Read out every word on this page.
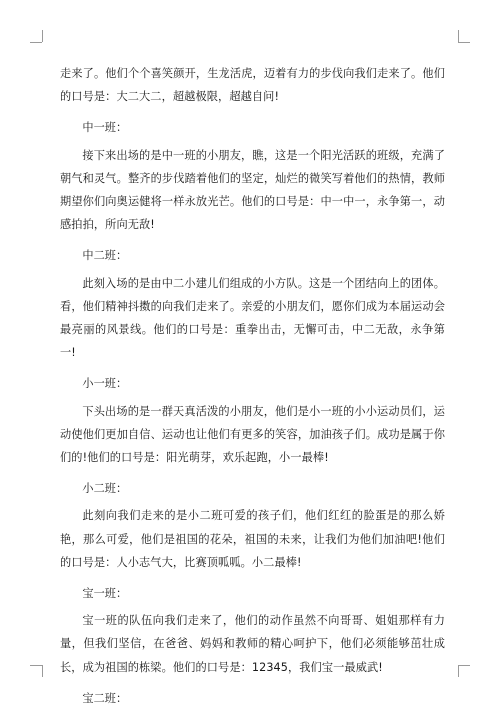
走来了。他们个个喜笑颜开，生龙活虎，迈着有力的步伐向我们走来了。他们的口号是：大二大二，超越极限，超越自问!

中一班：

接下来出场的是中一班的小朋友，瞧，这是一个阳光活跃的班级，充满了朝气和灵气。整齐的步伐踏着他们的坚定，灿烂的微笑写着他们的热情，教师期望你们向奥运健将一样永放光芒。他们的口号是：中一中一，永争第一，动感拍拍，所向无敌!

中二班：

此刻入场的是由中二小建儿们组成的小方队。这是一个团结向上的团体。看，他们精神抖擞的向我们走来了。亲爱的小朋友们，愿你们成为本届运动会最亮丽的风景线。他们的口号是：重拳出击，无懈可击，中二无敌，永争第一!

小一班：

下头出场的是一群天真活泼的小朋友，他们是小一班的小小运动员们，运动使他们更加自信、运动也让他们有更多的笑容，加油孩子们。成功是属于你们的!他们的口号是：阳光萌芽，欢乐起跑，小一最棒!

小二班：

此刻向我们走来的是小二班可爱的孩子们，他们红红的脸蛋是的那么娇艳，那么可爱，他们是祖国的花朵，祖国的未来，让我们为他们加油吧!他们的口号是：人小志气大，比赛顶呱呱。小二最棒!

宝一班：

宝一班的队伍向我们走来了，他们的动作虽然不向哥哥、姐姐那样有力量，但我们坚信，在爸爸、妈妈和教师的精心呵护下，他们必须能够茁壮成长，成为祖国的栋梁。他们的口号是：12345，我们宝一最威武!

宝二班：
